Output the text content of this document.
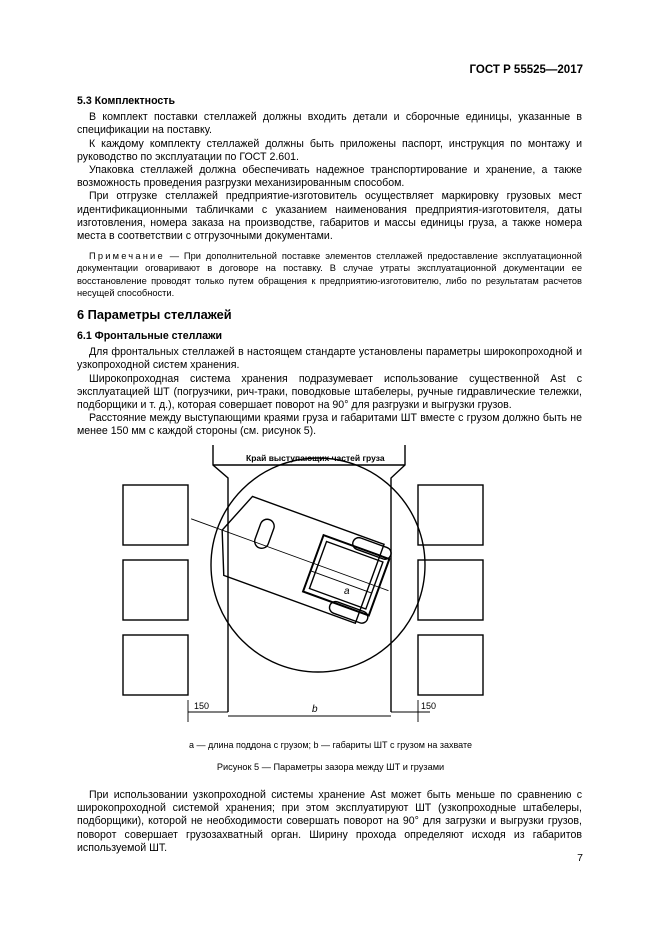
ГОСТ Р 55525—2017
5.3 Комплектность
В комплект поставки стеллажей должны входить детали и сборочные единицы, указанные в спецификации на поставку.
К каждому комплекту стеллажей должны быть приложены паспорт, инструкция по монтажу и руководство по эксплуатации по ГОСТ 2.601.
Упаковка стеллажей должна обеспечивать надежное транспортирование и хранение, а также возможность проведения разгрузки механизированным способом.
При отгрузке стеллажей предприятие-изготовитель осуществляет маркировку грузовых мест идентификационными табличками с указанием наименования предприятия-изготовителя, даты изготовления, номера заказа на производстве, габаритов и массы единицы груза, а также номера места в соответствии с отгрузочными документами.
Примечание — При дополнительной поставке элементов стеллажей предоставление эксплуатационной документации оговаривают в договоре на поставку. В случае утраты эксплуатационной документации ее восстановление проводят только путем обращения к предприятию-изготовителю, либо по результатам расчетов несущей способности.
6 Параметры стеллажей
6.1 Фронтальные стеллажи
Для фронтальных стеллажей в настоящем стандарте установлены параметры широкопроходной и узкопроходной систем хранения.
Широкопроходная система хранения подразумевает использование существенной Ast с эксплуатацией ШТ (погрузчики, рич-траки, поводковые штабелеры, ручные гидравлические тележки, подборщики и т. д.), которая совершает поворот на 90° для разгрузки и выгрузки грузов.
Расстояние между выступающими краями груза и габаритами ШТ вместе с грузом должно быть не менее 150 мм с каждой стороны (см. рисунок 5).
150	b	150
a
Край выступающих частей груза
a — длина поддона с грузом; b — габариты ШТ с грузом на захвате
Рисунок 5 — Параметры зазора между ШТ и грузами
При использовании узкопроходной системы хранение Ast может быть меньше по сравнению с широкопроходной системой хранения; при этом эксплуатируют ШТ (узкопроходные штабелеры, подборщики), которой не необходимости совершать поворот на 90° для загрузки и выгрузки грузов, поворот совершает грузозахватный орган. Ширину прохода определяют исходя из габаритов используемой ШТ.
7
